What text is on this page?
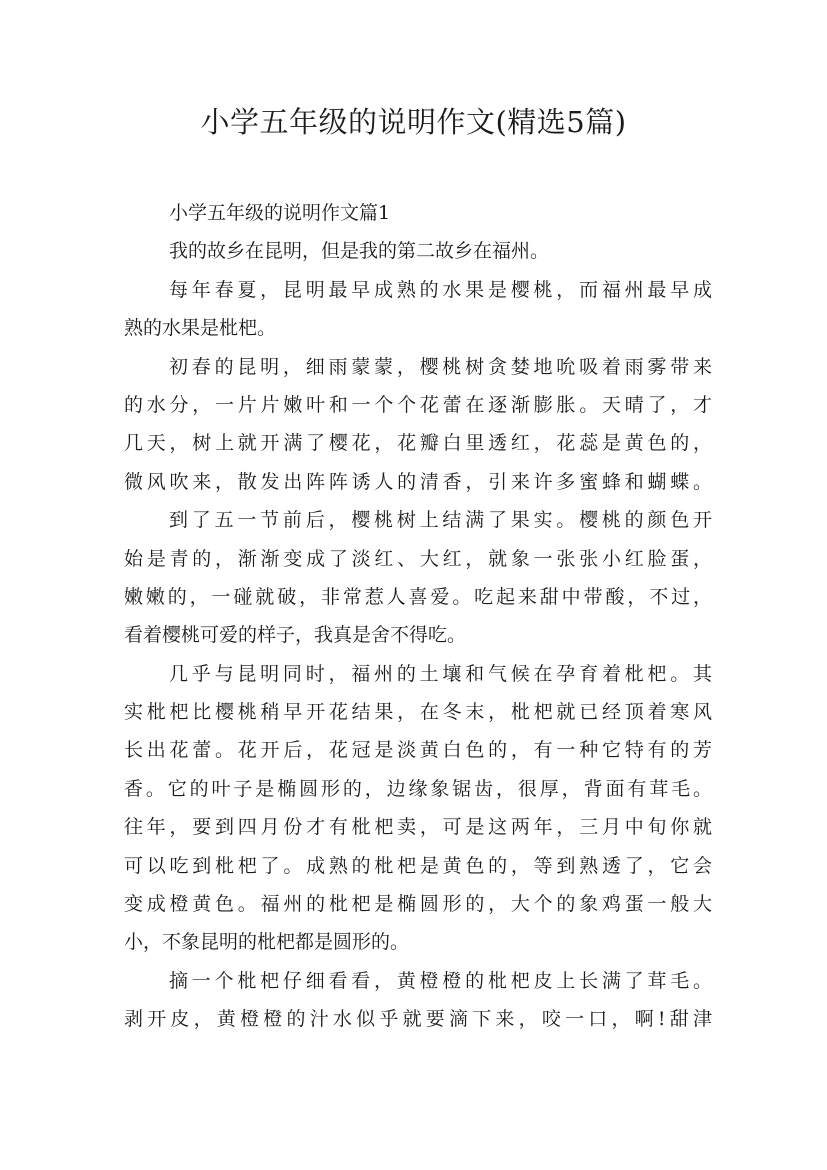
小学五年级的说明作文(精选5篇)
小学五年级的说明作文篇1
我的故乡在昆明，但是我的第二故乡在福州。
每年春夏，昆明最早成熟的水果是樱桃，而福州最早成
熟的水果是枇杷。
初春的昆明，细雨蒙蒙，樱桃树贪婪地吮吸着雨雾带来
的水分，一片片嫩叶和一个个花蕾在逐渐膨胀。天晴了，才
几天，树上就开满了樱花，花瓣白里透红，花蕊是黄色的，
微风吹来，散发出阵阵诱人的清香，引来许多蜜蜂和蝴蝶。
到了五一节前后，樱桃树上结满了果实。樱桃的颜色开
始是青的，渐渐变成了淡红、大红，就象一张张小红脸蛋，
嫩嫩的，一碰就破，非常惹人喜爱。吃起来甜中带酸，不过，
看着樱桃可爱的样子，我真是舍不得吃。
几乎与昆明同时，福州的土壤和气候在孕育着枇杷。其
实枇杷比樱桃稍早开花结果，在冬末，枇杷就已经顶着寒风
长出花蕾。花开后，花冠是淡黄白色的，有一种它特有的芳
香。它的叶子是椭圆形的，边缘象锯齿，很厚，背面有茸毛。
往年，要到四月份才有枇杷卖，可是这两年，三月中旬你就
可以吃到枇杷了。成熟的枇杷是黄色的，等到熟透了，它会
变成橙黄色。福州的枇杷是椭圆形的，大个的象鸡蛋一般大
小，不象昆明的枇杷都是圆形的。
摘一个枇杷仔细看看，黄橙橙的枇杷皮上长满了茸毛。
剥开皮，黄橙橙的汁水似乎就要滴下来，咬一口，啊!甜津
